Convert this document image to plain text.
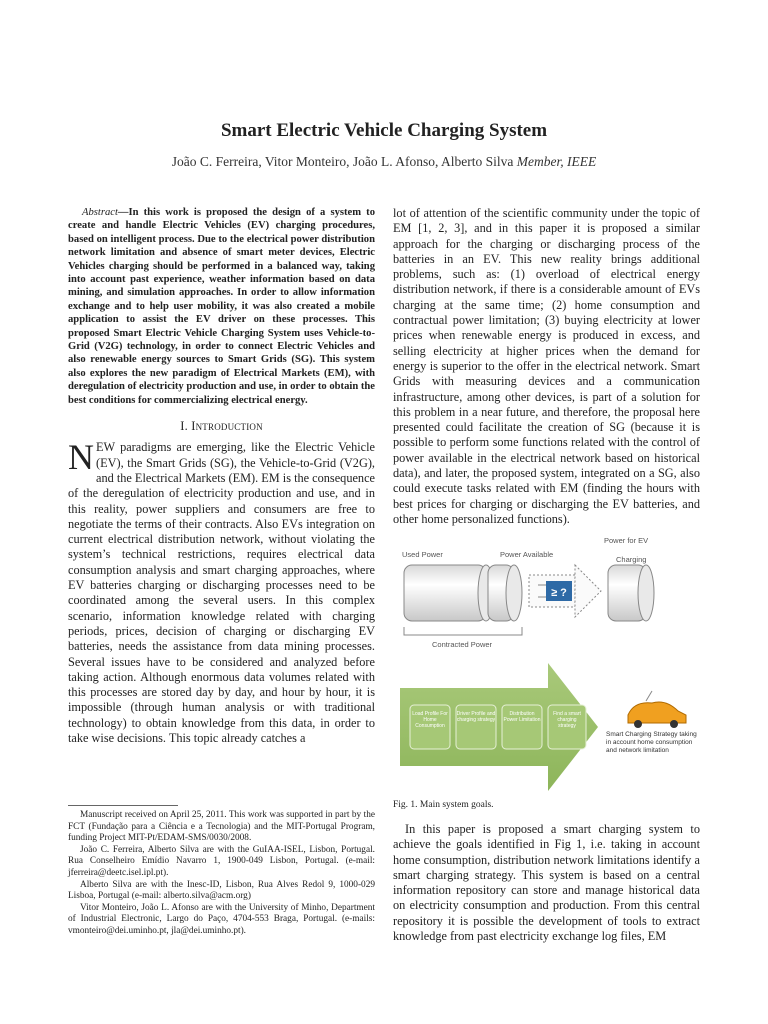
Smart Electric Vehicle Charging System
João C. Ferreira, Vitor Monteiro, João L. Afonso, Alberto Silva Member, IEEE

Abstract—In this work is proposed the design of a system to create and handle Electric Vehicles (EV) charging procedures, based on intelligent process. Due to the electrical power distribution network limitation and absence of smart meter devices, Electric Vehicles charging should be performed in a balanced way, taking into account past experience, weather information based on data mining, and simulation approaches. In order to allow information exchange and to help user mobility, it was also created a mobile application to assist the EV driver on these processes. This proposed Smart Electric Vehicle Charging System uses Vehicle-to-Grid (V2G) technology, in order to connect Electric Vehicles and also renewable energy sources to Smart Grids (SG). This system also explores the new paradigm of Electrical Markets (EM), with deregulation of electricity production and use, in order to obtain the best conditions for commercializing electrical energy.

I. Introduction

NEW paradigms are emerging, like the Electric Vehicle (EV), the Smart Grids (SG), the Vehicle-to-Grid (V2G), and the Electrical Markets (EM). EM is the consequence of the deregulation of electricity production and use, and in this reality, power suppliers and consumers are free to negotiate the terms of their contracts. Also EVs integration on current electrical distribution network, without violating the system’s technical restrictions, requires electrical data consumption analysis and smart charging approaches, where EV batteries charging or discharging processes need to be coordinated among the several users. In this complex scenario, information knowledge related with charging periods, prices, decision of charging or discharging EV batteries, needs the assistance from data mining processes. Several issues have to be considered and analyzed before taking action. Although enormous data volumes related with this processes are stored day by day, and hour by hour, it is impossible (through human analysis or with traditional technology) to obtain knowledge from this data, in order to take wise decisions. This topic already catches a

Manuscript received on April 25, 2011. This work was supported in part by the FCT (Fundação para a Ciência e a Tecnologia) and the MIT-Portugal Program, funding Project MIT-Pt/EDAM-SMS/0030/2008.

João C. Ferreira, Alberto Silva are with the GuIAA-ISEL, Lisbon, Portugal. Rua Conselheiro Emídio Navarro 1, 1900-049 Lisbon, Portugal. (e-mail: jferreira@deetc.isel.ipl.pt).

Alberto Silva are with the Inesc-ID, Lisbon, Rua Alves Redol 9, 1000-029 Lisboa, Portugal (e-mail: alberto.silva@acm.org)

Vitor Monteiro, João L. Afonso are with the University of Minho, Department of Industrial Electronic, Largo do Paço, 4704-553 Braga, Portugal. (e-mails: vmonteiro@dei.uminho.pt, jla@dei.uminho.pt).

lot of attention of the scientific community under the topic of EM [1, 2, 3], and in this paper it is proposed a similar approach for the charging or discharging process of the batteries in an EV. This new reality brings additional problems, such as: (1) overload of electrical energy distribution network, if there is a considerable amount of EVs charging at the same time; (2) home consumption and contractual power limitation; (3) buying electricity at lower prices when renewable energy is produced in excess, and selling electricity at higher prices when the demand for energy is superior to the offer in the electrical network. Smart Grids with measuring devices and a communication infrastructure, among other devices, is part of a solution for this problem in a near future, and therefore, the proposal here presented could facilitate the creation of SG (because it is possible to perform some functions related with the control of power available in the electrical network based on historical data), and later, the proposed system, integrated on a SG, also could execute tasks related with EM (finding the hours with best prices for charging or discharging the EV batteries, and other home personalized functions).

Used Power	Power Available
Power for EV
Charging
≥ ?
Contracted Power
Load Profile For Home Consumption
Driver Profile and charging strategy
Distribution Power Limitation
Find a smart charging strategy
Smart Charging Strategy taking in account home consumption and network limitation
Fig. 1. Main system goals.

In this paper is proposed a smart charging system to achieve the goals identified in Fig 1, i.e. taking in account home consumption, distribution network limitations identify a smart charging strategy. This system is based on a central information repository can store and manage historical data on electricity consumption and production. From this central repository it is possible the development of tools to extract knowledge from past electricity exchange log files, EM
